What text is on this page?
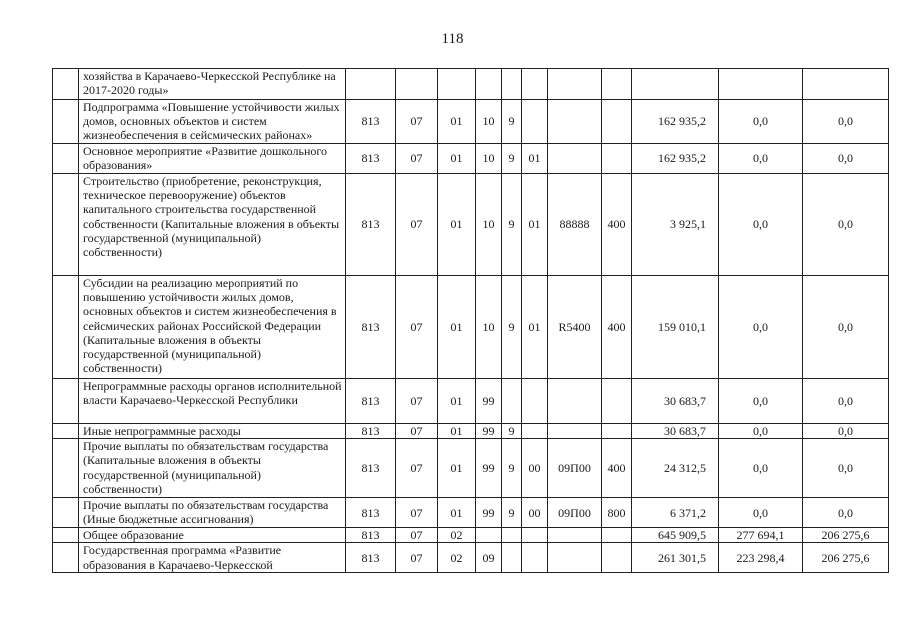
118
	хозяйства в Карачаево-Черкесской Республике на 2017-2020 годы»											
	Подпрограмма «Повышение устойчивости жилых домов, основных объектов и систем жизнеобеспечения в сейсмических районах»	813	07	01	10	9				162 935,2	0,0	0,0
	Основное мероприятие «Развитие дошкольного образования»	813	07	01	10	9	01			162 935,2	0,0	0,0
	Строительство (приобретение, реконструкция, техническое перевооружение) объектов капитального строительства государственной собственности (Капитальные вложения в объекты государственной (муниципальной) собственности)	813	07	01	10	9	01	88888	400	3 925,1	0,0	0,0
	Субсидии на реализацию мероприятий по повышению устойчивости жилых домов, основных объектов и систем жизнеобеспечения в сейсмических районах Российской Федерации (Капитальные вложения в объекты государственной (муниципальной) собственности)	813	07	01	10	9	01	R5400	400	159 010,1	0,0	0,0
	Непрограммные расходы органов исполнительной власти Карачаево-Черкесской Республики	813	07	01	99					30 683,7	0,0	0,0
	Иные непрограммные расходы	813	07	01	99	9				30 683,7	0,0	0,0
	Прочие выплаты по обязательствам государства (Капитальные вложения в объекты государственной (муниципальной) собственности)	813	07	01	99	9	00	09П00	400	24 312,5	0,0	0,0
	Прочие выплаты по обязательствам государства (Иные бюджетные ассигнования)	813	07	01	99	9	00	09П00	800	6 371,2	0,0	0,0
	Общее образование	813	07	02						645 909,5	277 694,1	206 275,6
	Государственная программа «Развитие образования в Карачаево-Черкесской	813	07	02	09					261 301,5	223 298,4	206 275,6
